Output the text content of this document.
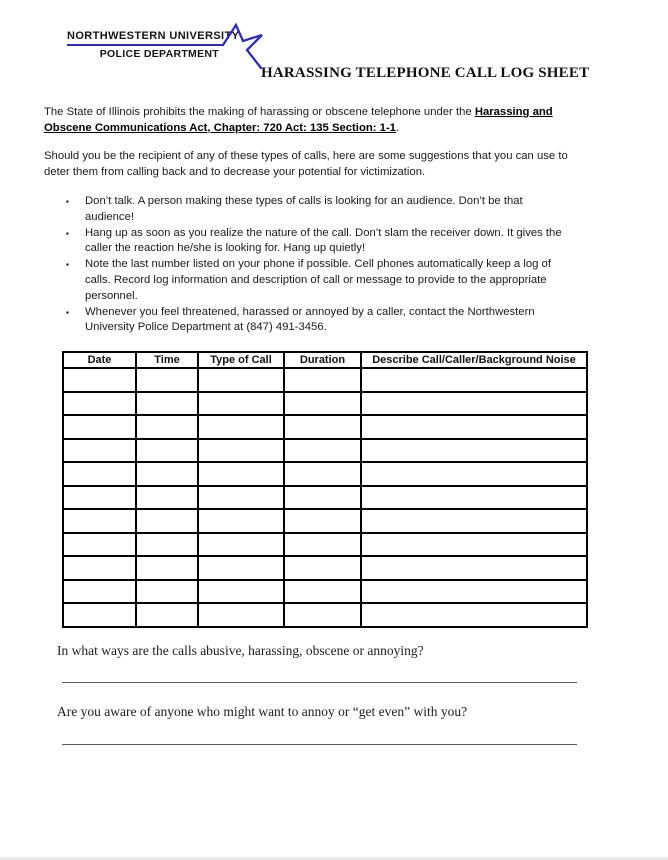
NORTHWESTERN UNIVERSITY
POLICE DEPARTMENT
HARASSING TELEPHONE CALL LOG SHEET
The State of Illinois prohibits the making of harassing or obscene telephone under the Harassing and Obscene Communications Act, Chapter: 720 Act: 135 Section: 1-1.
Should you be the recipient of any of these types of calls, here are some suggestions that you can use to deter them from calling back and to decrease your potential for victimization.
▪	Don’t talk. A person making these types of calls is looking for an audience. Don’t be that audience!
▪	Hang up as soon as you realize the nature of the call. Don’t slam the receiver down. It gives the caller the reaction he/she is looking for. Hang up quietly!
▪	Note the last number listed on your phone if possible. Cell phones automatically keep a log of calls. Record log information and description of call or message to provide to the appropriate personnel.
▪	Whenever you feel threatened, harassed or annoyed by a caller, contact the Northwestern University Police Department at (847) 491-3456.
Date	Time	Type of Call	Duration	Describe Call/Caller/Background Noise

In what ways are the calls abusive, harassing, obscene or annoying?
Are you aware of anyone who might want to annoy or “get even” with you?
